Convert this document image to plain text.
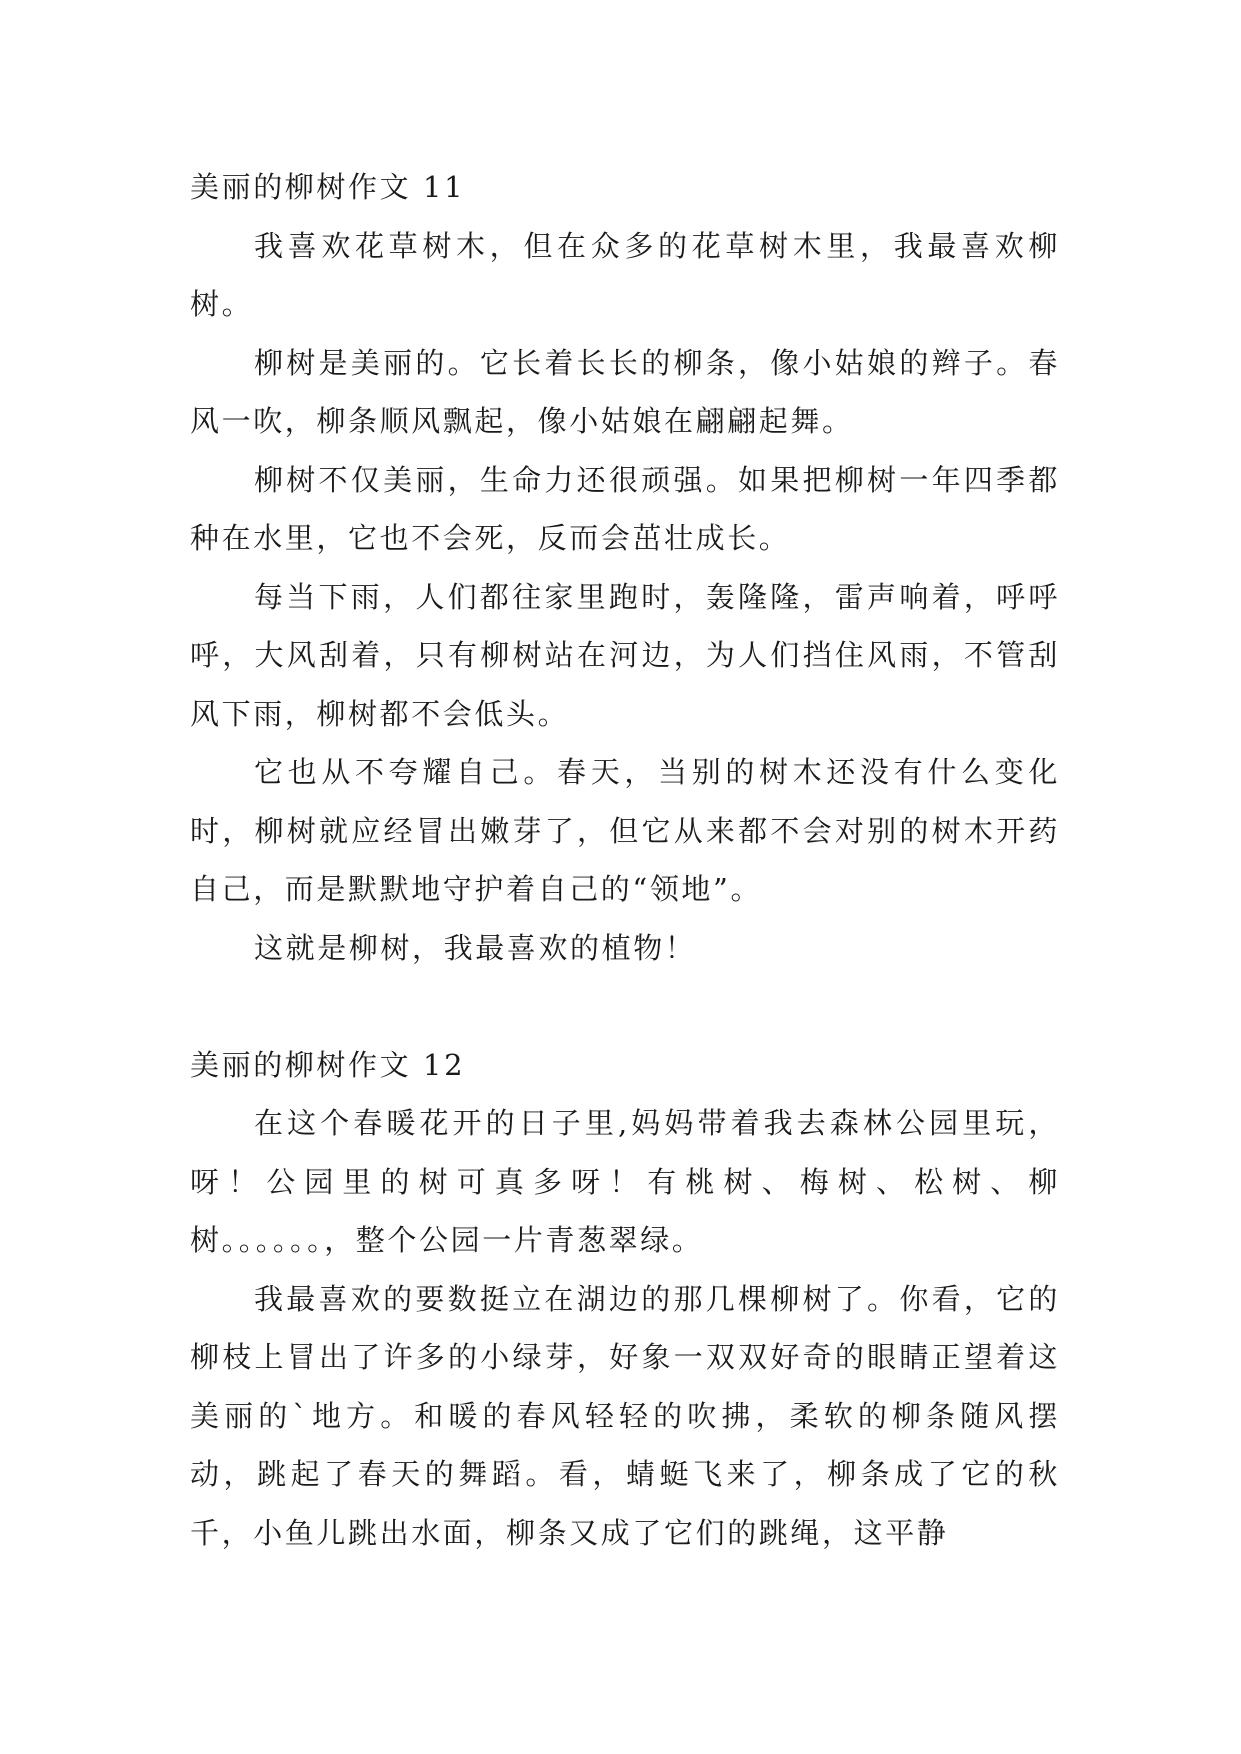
美丽的柳树作文 11

我喜欢花草树木，但在众多的花草树木里，我最喜欢柳树。

柳树是美丽的。它长着长长的柳条，像小姑娘的辫子。春风一吹，柳条顺风飘起，像小姑娘在翩翩起舞。

柳树不仅美丽，生命力还很顽强。如果把柳树一年四季都种在水里，它也不会死，反而会茁壮成长。

每当下雨，人们都往家里跑时，轰隆隆，雷声响着，呼呼呼，大风刮着，只有柳树站在河边，为人们挡住风雨，不管刮风下雨，柳树都不会低头。

它也从不夸耀自己。春天，当别的树木还没有什么变化时，柳树就应经冒出嫩芽了，但它从来都不会对别的树木开药自己，而是默默地守护着自己的“领地”。

这就是柳树，我最喜欢的植物！

美丽的柳树作文 12

在这个春暖花开的日子里,妈妈带着我去森林公园里玩，呀！公园里的树可真多呀！有桃树、梅树、松树、柳树。。。。。。，整个公园一片青葱翠绿。

我最喜欢的要数挺立在湖边的那几棵柳树了。你看，它的柳枝上冒出了许多的小绿芽，好象一双双好奇的眼睛正望着这美丽的`地方。和暖的春风轻轻的吹拂，柔软的柳条随风摆动，跳起了春天的舞蹈。看，蜻蜓飞来了，柳条成了它的秋千，小鱼儿跳出水面，柳条又成了它们的跳绳，这平静
